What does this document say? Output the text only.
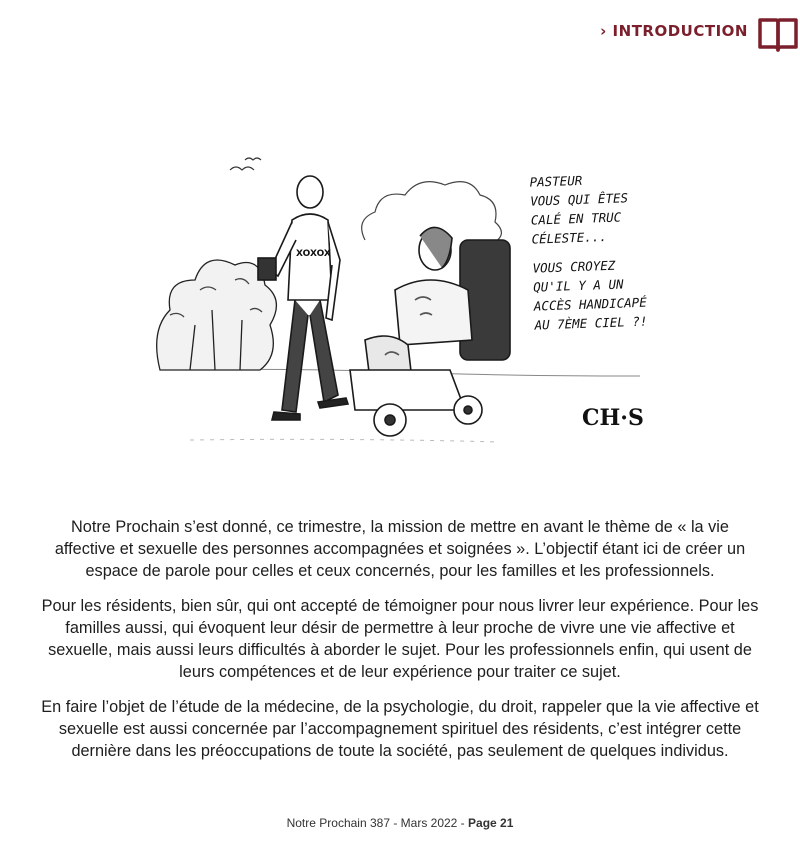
› INTRODUCTION
XOXOX

PASTEUR

VOUS QUI ÊTES

CALÉ EN TRUC

CÉLESTE...

VOUS CROYEZ

QU'IL Y A UN

ACCÈS HANDICAPÉ

AU 7ÈME CIEL ?!

CH·S

Notre Prochain s’est donné, ce trimestre, la mission de mettre en avant le thème de « la vie affective et sexuelle des personnes accompagnées et soignées ». L’objectif étant ici de créer un espace de parole pour celles et ceux concernés, pour les familles et les professionnels.

Pour les résidents, bien sûr, qui ont accepté de témoigner pour nous livrer leur expérience. Pour les familles aussi, qui évoquent leur désir de permettre à leur proche de vivre une vie affective et sexuelle, mais aussi leurs difficultés à aborder le sujet. Pour les professionnels enfin, qui usent de leurs compétences et de leur expérience pour traiter ce sujet.

En faire l’objet de l’étude de la médecine, de la psychologie, du droit, rappeler que la vie affective et sexuelle est aussi concernée par l’accompagnement spirituel des résidents, c’est intégrer cette dernière dans les préoccupations de toute la société, pas seulement de quelques individus.

Notre Prochain 387 - Mars 2022 - Page 21
